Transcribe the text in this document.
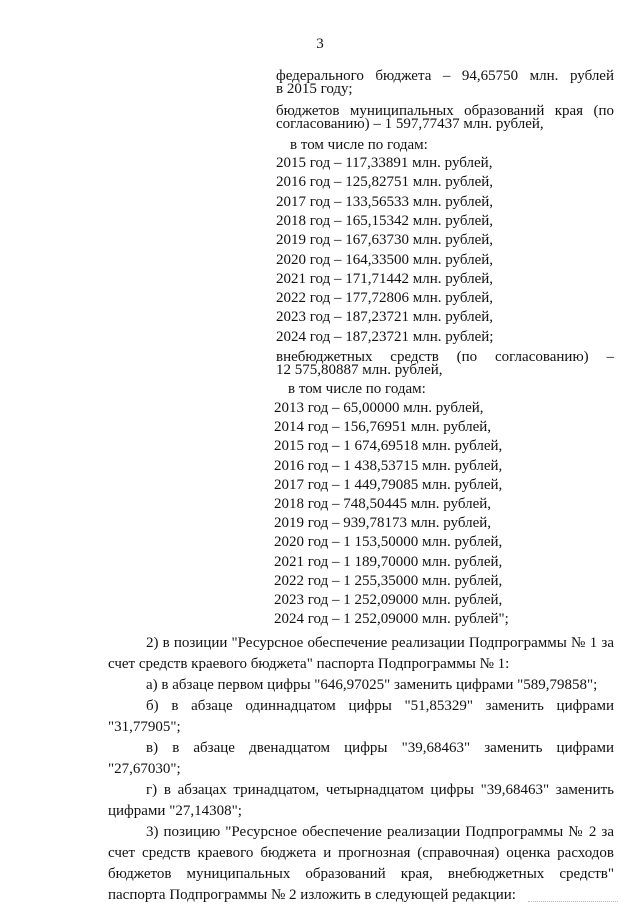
3
федерального бюджета – 94,65750 млн. рублей
в 2015 году;
бюджетов муниципальных образований края (по
согласованию) – 1 597,77437 млн. рублей,
в том числе по годам:
2015 год – 117,33891 млн. рублей,
2016 год – 125,82751 млн. рублей,
2017 год – 133,56533 млн. рублей,
2018 год – 165,15342 млн. рублей,
2019 год – 167,63730 млн. рублей,
2020 год – 164,33500 млн. рублей,
2021 год – 171,71442 млн. рублей,
2022 год – 177,72806 млн. рублей,
2023 год – 187,23721 млн. рублей,
2024 год – 187,23721 млн. рублей;
внебюджетных средств (по согласованию) –
12 575,80887 млн. рублей,
в том числе по годам:
2013 год – 65,00000 млн. рублей,
2014 год – 156,76951 млн. рублей,
2015 год – 1 674,69518 млн. рублей,
2016 год – 1 438,53715 млн. рублей,
2017 год – 1 449,79085 млн. рублей,
2018 год – 748,50445 млн. рублей,
2019 год – 939,78173 млн. рублей,
2020 год – 1 153,50000 млн. рублей,
2021 год – 1 189,70000 млн. рублей,
2022 год – 1 255,35000 млн. рублей,
2023 год – 1 252,09000 млн. рублей,
2024 год – 1 252,09000 млн. рублей";

2) в позиции "Ресурсное обеспечение реализации Подпрограммы № 1 за счет средств краевого бюджета" паспорта Подпрограммы № 1:

а) в абзаце первом цифры "646,97025" заменить цифрами "589,79858";

б) в абзаце одиннадцатом цифры "51,85329" заменить цифрами "31,77905";

в) в абзаце двенадцатом цифры "39,68463" заменить цифрами "27,67030";

г) в абзацах тринадцатом, четырнадцатом цифры "39,68463" заменить цифрами "27,14308";

3) позицию "Ресурсное обеспечение реализации Подпрограммы № 2 за счет средств краевого бюджета и прогнозная (справочная) оценка расходов бюджетов муниципальных образований края, внебюджетных средств" паспорта Подпрограммы № 2 изложить в следующей редакции:
